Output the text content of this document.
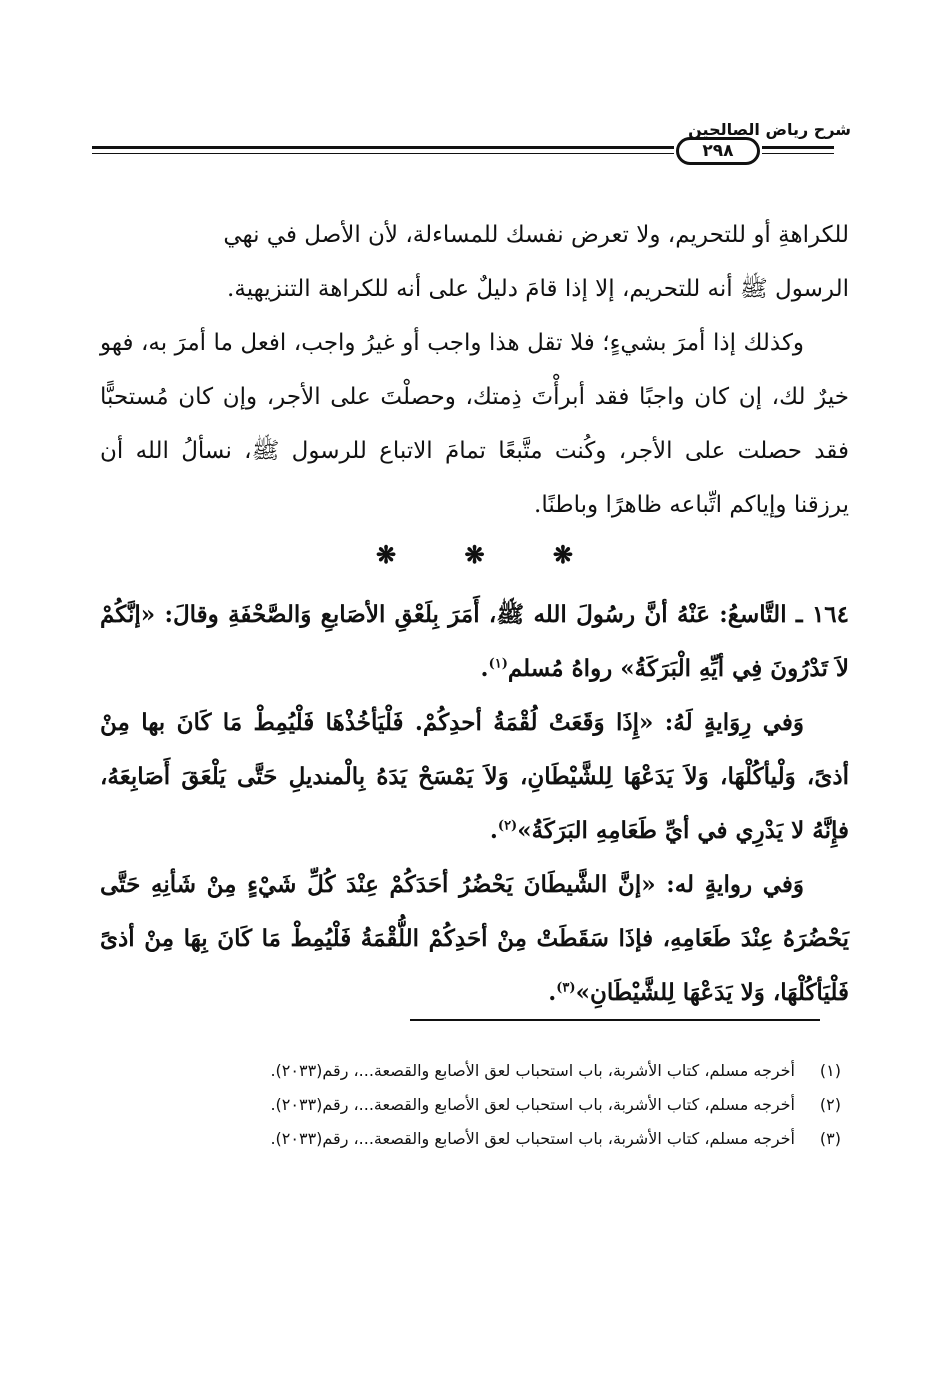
شرح رياض الصالحين
٢٩٨

للكراهةِ أو للتحريم، ولا تعرض نفسك للمساءلة، لأن الأصل في نهي

الرسول ﷺ أنه للتحريم، إلا إذا قامَ دليلٌ على أنه للكراهة التنزيهية.

وكذلك إذا أمرَ بشيءٍ؛ فلا تقل هذا واجب أو غيرُ واجب، افعل ما أمرَ به، فهو خيرٌ لك، إن كان واجبًا فقد أبرأْتَ ذِمتك، وحصلْتَ على الأجر، وإن كان مُستحبًّا فقد حصلت على الأجر، وكُنت متَّبعًا تمامَ الاتباع للرسول ﷺ، نسألُ الله أن يرزقنا وإياكم اتِّباعه ظاهرًا وباطنًا.

❋	❋	❋

١٦٤ ـ التَّاسعُ: عَنْهُ أنَّ رسُولَ الله ﷺ، أَمَرَ بِلَعْقِ الأصَابعِ وَالصَّحْفَةِ وقالَ: «إنَّكُمْ لاَ تَدْرُونَ فِي أيِّهِ الْبَرَكَةُ» رواهُ مُسلم$^{(١)}$.

وَفي رِوَايةٍ لَهُ: «إِذَا وَقَعَتْ لُقْمَةُ أحدِكُمْ. فَلْيَأخُذْهَا فَلْيُمِطْ مَا كَانَ بها مِنْ أذىً، وَلْيأكُلْهَا، وَلاَ يَدَعْهَا لِلشَّيْطَانِ، وَلاَ يَمْسَحْ يَدَهُ بِالْمنديلِ حَتَّى يَلْعَقَ أَصَابِعَهُ، فإِنَّهُ لا يَدْرِي في أيِّ طَعَامِهِ البَرَكَةُ»$^{(٢)}$.

وَفي روايةٍ له: «إنَّ الشَّيطَانَ يَحْضُرُ أحَدَكُمْ عِنْدَ كُلِّ شَيْءٍ مِنْ شَأنِهِ حَتَّى يَحْضُرَهُ عِنْدَ طَعَامِهِ، فإذَا سَقَطَتْ مِنْ أحَدِكُمْ اللُّقْمَةُ فَلْيُمِطْ مَا كَانَ بِهَا مِنْ أذىً فَلْيَأكُلْهَا، وَلا يَدَعْهَا لِلشَّيْطَانِ»$^{(٣)}$.

(١)
أخرجه مسلم، كتاب الأشربة، باب استحباب لعق الأصابع والقصعة...، رقم(٢٠٣٣).
(٢)
أخرجه مسلم، كتاب الأشربة، باب استحباب لعق الأصابع والقصعة...، رقم(٢٠٣٣).
(٣)
أخرجه مسلم، كتاب الأشربة، باب استحباب لعق الأصابع والقصعة...، رقم(٢٠٣٣).
